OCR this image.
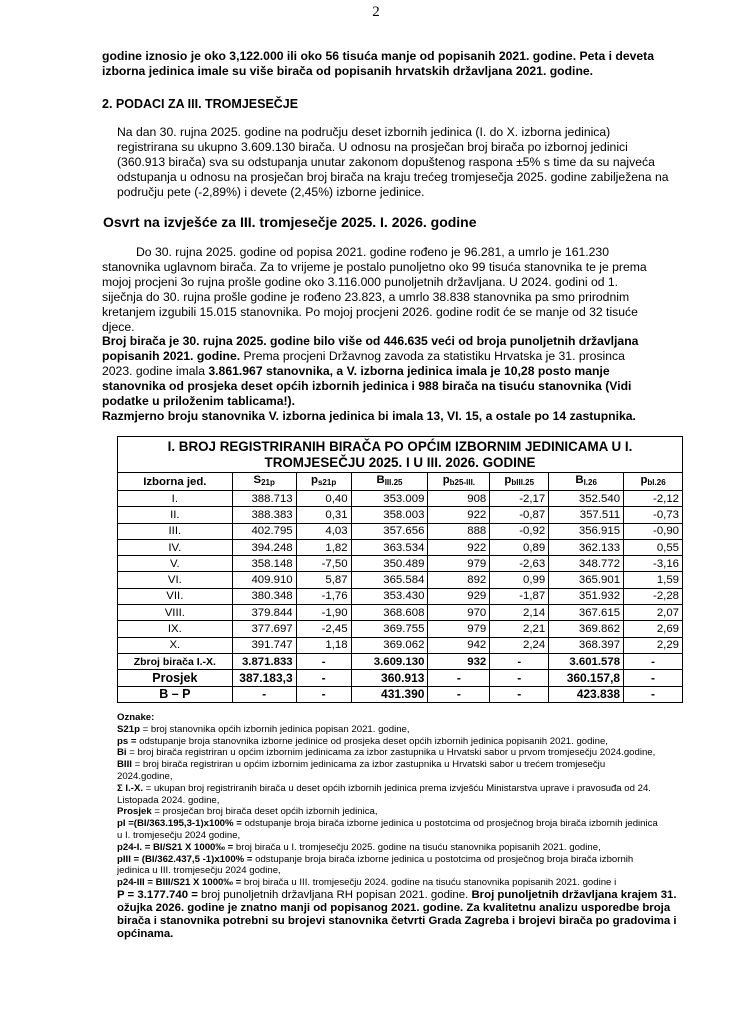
2
godine iznosio je oko 3,122.000 ili oko 56 tisuća manje od popisanih 2021. godine. Peta i deveta
izborna jedinica imale su više birača od popisanih hrvatskih državljana 2021. godine.
2. PODACI ZA III. TROMJESEČJE
Na dan 30. rujna 2025. godine na području deset izbornih jedinica (I. do X. izborna jedinica)
registrirana su ukupno 3.609.130 birača. U odnosu na prosječan broj birača po izbornoj jedinici
(360.913 birača) sva su odstupanja unutar zakonom dopuštenog raspona ±5% s time da su najveća
odstupanja u odnosu na prosječan broj birača na kraju trećeg tromjesečja 2025. godine zabilježena na
području pete (-2,89%) i devete (2,45%) izborne jedinice.
Osvrt na izvješće za III. tromjesečje 2025. I. 2026. godine
Do 30. rujna 2025. godine od popisa 2021. godine rođeno je 96.281, a umrlo je 161.230
stanovnika uglavnom birača. Za to vrijeme je postalo punoljetno oko 99 tisuća stanovnika te je prema
mojoj procjeni 3o rujna prošle godine oko 3.116.000 punoljetnih državljana. U 2024. godini od 1.
siječnja do 30. rujna prošle godine je rođeno 23.823, a umrlo 38.838 stanovnika pa smo prirodnim
kretanjem izgubili 15.015 stanovnika. Po mojoj procjeni 2026. godine rodit će se manje od 32 tisuće
djece.
Broj birača je 30. rujna 2025. godine bilo više od 446.635 veći od broja punoljetnih državljana
popisanih 2021. godine. Prema procjeni Državnog zavoda za statistiku Hrvatska je 31. prosinca
2023. godine imala 3.861.967 stanovnika, a V. izborna jedinica imala je 10,28 posto manje
stanovnika od prosjeka deset općih izbornih jedinica i 988 birača na tisuću stanovnika (Vidi
podatke u priloženim tablicama!).
Razmjerno broju stanovnika V. izborna jedinica bi imala 13, VI. 15, a ostale po 14 zastupnika.
I. BROJ REGISTRIRANIH BIRAČA PO OPĆIM IZBORNIM JEDINICAMA U I.
TROMJESEČJU 2025. I U III. 2026. GODINE							

Izborna jed.	$S_{21p}$	$p_{s21p}$	$B_{III.25}$	$p_{b25-III.}$	$p_{bIII.25}$	$B_{I.26}$	$p_{bI.26}$
I.	388.713	0,40	353.009	908	-2,17	352.540	-2,12
II.	388.383	0,31	358.003	922	-0,87	357.511	-0,73
III.	402.795	4,03	357.656	888	-0,92	356.915	-0,90
IV.	394.248	1,82	363.534	922	0,89	362.133	0,55
V.	358.148	-7,50	350.489	979	-2,63	348.772	-3,16
VI.	409.910	5,87	365.584	892	0,99	365.901	1,59
VII.	380.348	-1,76	353.430	929	-1,87	351.932	-2,28
VIII.	379.844	-1,90	368.608	970	2,14	367.615	2,07
IX.	377.697	-2,45	369.755	979	2,21	369.862	2,69
X.	391.747	1,18	369.062	942	2,24	368.397	2,29
Zbroj birača I.-X.	3.871.833	-	3.609.130	932	-	3.601.578	-
Prosjek	387.183,3	-	360.913	-	-	360.157,8	-
B – P	-	-	431.390	-	-	423.838	-
Oznake:
S21p = broj stanovnika općih izbornih jedinica popisan 2021. godine,
ps = odstupanje broja stanovnika izborne jedinice od prosjeka deset općih izbornih jedinica popisanih 2021. godine,
Bi = broj birača registriran u općim izbornim jedinicama za izbor zastupnika u Hrvatski sabor u prvom tromjesečju 2024.godine,
BIII = broj birača registriran u općim izbornim jedinicama za izbor zastupnika u Hrvatski sabor u trećem tromjesečju
2024.godine,
Σ I.-X. = ukupan broj registriranih birača u deset općih izbornih jedinica prema izvješću Ministarstva uprave i pravosuđa od 24.
Listopada 2024. godine,
Prosjek = prosječan broj birača deset općih izbornih jedinica,
pI =(BI/363.195,3-1)x100% = odstupanje broja birača izborne jedinica u postotcima od prosječnog broja birača izbornih jedinica
u I. tromjesečju 2024 godine,
p24-I. = BI/S21 X 1000‰ = broj birača u I. tromjesečju 2025. godine na tisuću stanovnika popisanih 2021. godine,
pIII = (BI/362.437,5 -1)x100% = odstupanje broja birača izborne jedinica u postotcima od prosječnog broja birača izbornih
jedinica u III. tromjesečju 2024 godine,
p24-III = BIII/S21 X 1000‰ = broj birača u III. tromjesečju 2024. godine na tisuću stanovnika popisanih 2021. godine i
P = 3.177.740 = broj punoljetnih državljana RH popisan 2021. godine. Broj punoljetnih državljana krajem 31.
ožujka 2026. godine je znatno manji od popisanog 2021. godine. Za kvalitetnu analizu usporedbe broja
birača i stanovnika potrebni su brojevi stanovnika četvrti Grada Zagreba i brojevi birača po gradovima i
općinama.
